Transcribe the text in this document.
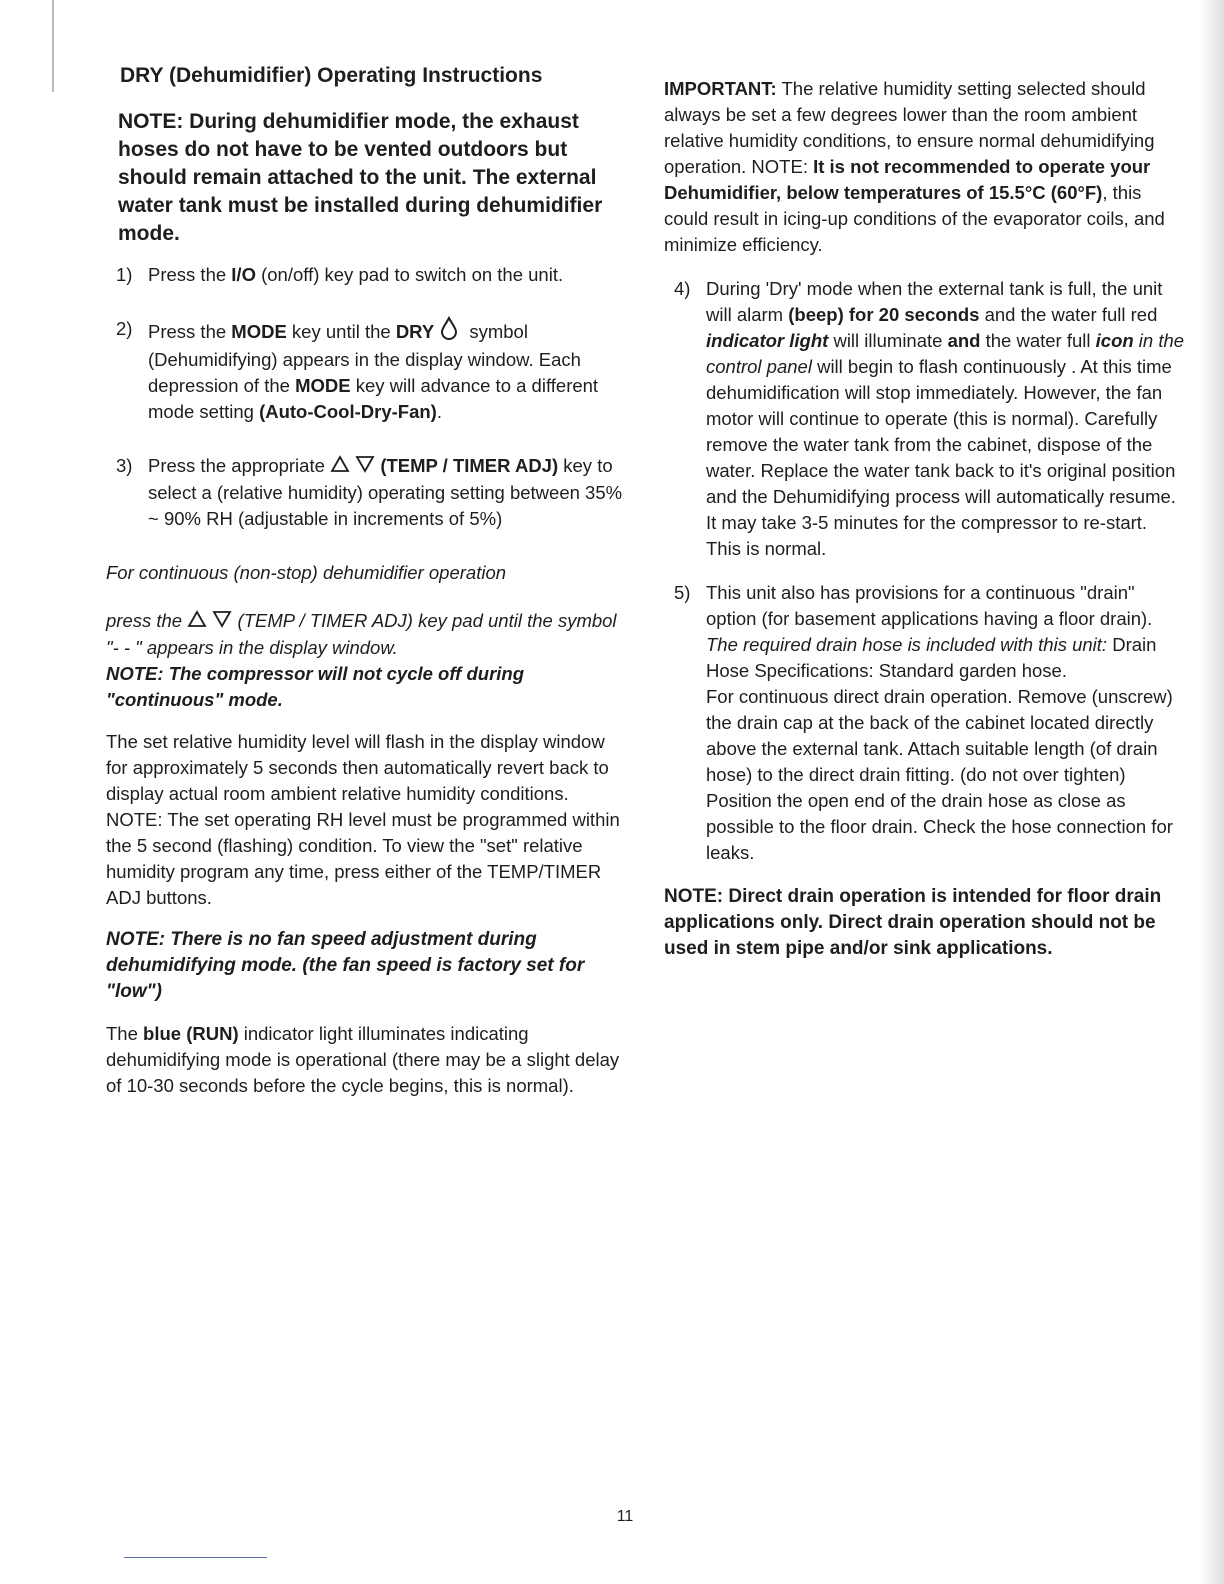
DRY (Dehumidifier) Operating Instructions
NOTE: During dehumidifier mode, the exhaust hoses do not have to be vented outdoors but should remain attached to the unit. The external water tank must be installed during dehumidifier mode.
1) Press the I/O (on/off) key pad to switch on the unit.
2) Press the MODE key until the DRY symbol (Dehumidifying) appears in the display window. Each depression of the MODE key will advance to a different mode setting (Auto-Cool-Dry-Fan).
3) Press the appropriate	(TEMP / TIMER ADJ) key to select a (relative humidity) operating setting between 35% ~ 90% RH (adjustable in increments of 5%)
For continuous (non-stop) dehumidifier operation
press the   (TEMP / TIMER ADJ) key pad until the symbol "- - " appears in the display window.
NOTE: The compressor will not cycle off during "continuous" mode.
The set relative humidity level will flash in the display window for approximately 5 seconds then automatically revert back to display actual room ambient relative humidity conditions. NOTE: The set operating RH level must be programmed within the 5 second (flashing) condition. To view the "set" relative humidity program any time, press either of the TEMP/TIMER ADJ buttons.
NOTE: There is no fan speed adjustment during dehumidifying mode. (the fan speed is factory set for "low")
The blue (RUN) indicator light illuminates indicating dehumidifying mode is operational (there may be a slight delay of 10-30 seconds before the cycle begins, this is normal).
IMPORTANT: The relative humidity setting selected should always be set a few degrees lower than the room ambient relative humidity conditions, to ensure normal dehumidifying operation. NOTE: It is not recommended to operate your Dehumidifier, below temperatures of 15.5°C (60°F), this could result in icing-up conditions of the evaporator coils, and minimize efficiency.
4) During 'Dry' mode when the external tank is full, the unit will alarm (beep) for 20 seconds and the water full red indicator light will illuminate and the water full icon in the control panel will begin to flash continuously . At this time dehumidification will stop immediately. However, the fan motor will continue to operate (this is normal). Carefully remove the water tank from the cabinet, dispose of the water. Replace the water tank back to it's original position and the Dehumidifying process will automatically resume. It may take 3-5 minutes for the compressor to re-start. This is normal.
5) This unit also has provisions for a continuous "drain" option (for basement applications having a floor drain). The required drain hose is included with this unit: Drain Hose Specifications: Standard garden hose.
For continuous direct drain operation. Remove (unscrew) the drain cap at the back of the cabinet located directly above the external tank. Attach suitable length (of drain hose) to the direct drain fitting. (do not over tighten) Position the open end of the drain hose as close as possible to the floor drain. Check the hose connection for leaks.
NOTE: Direct drain operation is intended for floor drain applications only. Direct drain operation should not be used in stem pipe and/or sink applications.
11
